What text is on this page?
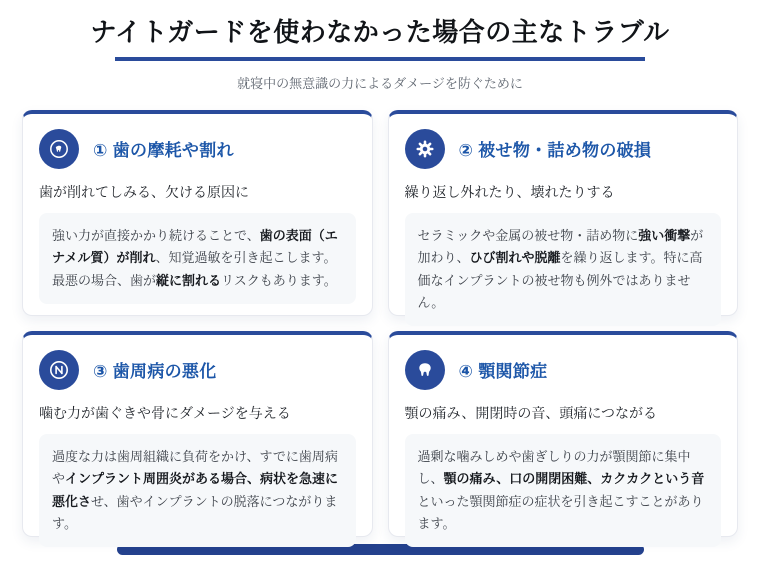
ナイトガードを使わなかった場合の主なトラブル
就寝中の無意識の力によるダメージを防ぐために
① 歯の摩耗や割れ
歯が削れてしみる、欠ける原因に
強い力が直接かかり続けることで、歯の表面（エナメル質）が削れ、知覚過敏を引き起こします。最悪の場合、歯が縦に割れるリスクもあります。
② 被せ物・詰め物の破損
繰り返し外れたり、壊れたりする
セラミックや金属の被せ物・詰め物に強い衝撃が加わり、ひび割れや脱離を繰り返します。特に高価なインプラントの被せ物も例外ではありません。
③ 歯周病の悪化
噛む力が歯ぐきや骨にダメージを与える
過度な力は歯周組織に負荷をかけ、すでに歯周病やインプラント周囲炎がある場合、病状を急速に悪化させ、歯やインプラントの脱落につながります。
④ 顎関節症
顎の痛み、開閉時の音、頭痛につながる
過剰な噛みしめや歯ぎしりの力が顎関節に集中し、顎の痛み、口の開閉困難、カクカクという音といった顎関節症の症状を引き起こすことがあります。
